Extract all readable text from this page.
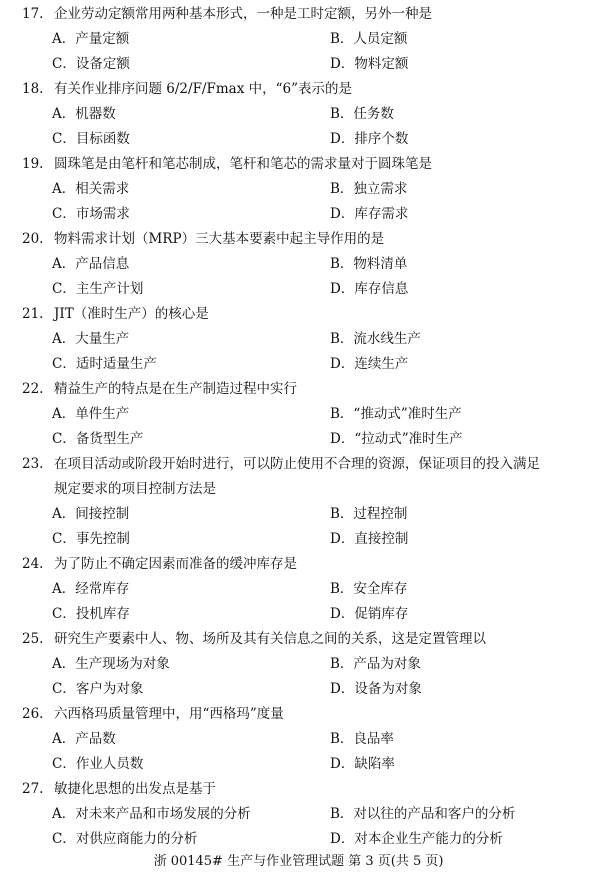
17. 企业劳动定额常用两种基本形式，一种是工时定额，另外一种是
A．产量定额	B．人员定额
C．设备定额	D．物料定额
18. 有关作业排序问题 6/2/F/Fmax 中，“6”表示的是
A．机器数	B．任务数
C．目标函数	D．排序个数
19. 圆珠笔是由笔杆和笔芯制成，笔杆和笔芯的需求量对于圆珠笔是
A．相关需求	B．独立需求
C．市场需求	D．库存需求
20. 物料需求计划（MRP）三大基本要素中起主导作用的是
A．产品信息	B．物料清单
C．主生产计划	D．库存信息
21. JIT（准时生产）的核心是
A．大量生产	B．流水线生产
C．适时适量生产	D．连续生产
22. 精益生产的特点是在生产制造过程中实行
A．单件生产	B．“推动式”准时生产
C．备货型生产	D．“拉动式”准时生产
23. 在项目活动或阶段开始时进行，可以防止使用不合理的资源，保证项目的投入满足
规定要求的项目控制方法是
A．间接控制	B．过程控制
C．事先控制	D．直接控制
24. 为了防止不确定因素而准备的缓冲库存是
A．经常库存	B．安全库存
C．投机库存	D．促销库存
25. 研究生产要素中人、物、场所及其有关信息之间的关系，这是定置管理以
A．生产现场为对象	B．产品为对象
C．客户为对象	D．设备为对象
26. 六西格玛质量管理中，用“西格玛”度量
A．产品数	B．良品率
C．作业人员数	D．缺陷率
27. 敏捷化思想的出发点是基于
A．对未来产品和市场发展的分析	B．对以往的产品和客户的分析
C．对供应商能力的分析	D．对本企业生产能力的分析
浙 00145# 生产与作业管理试题 第 3 页(共 5 页)
